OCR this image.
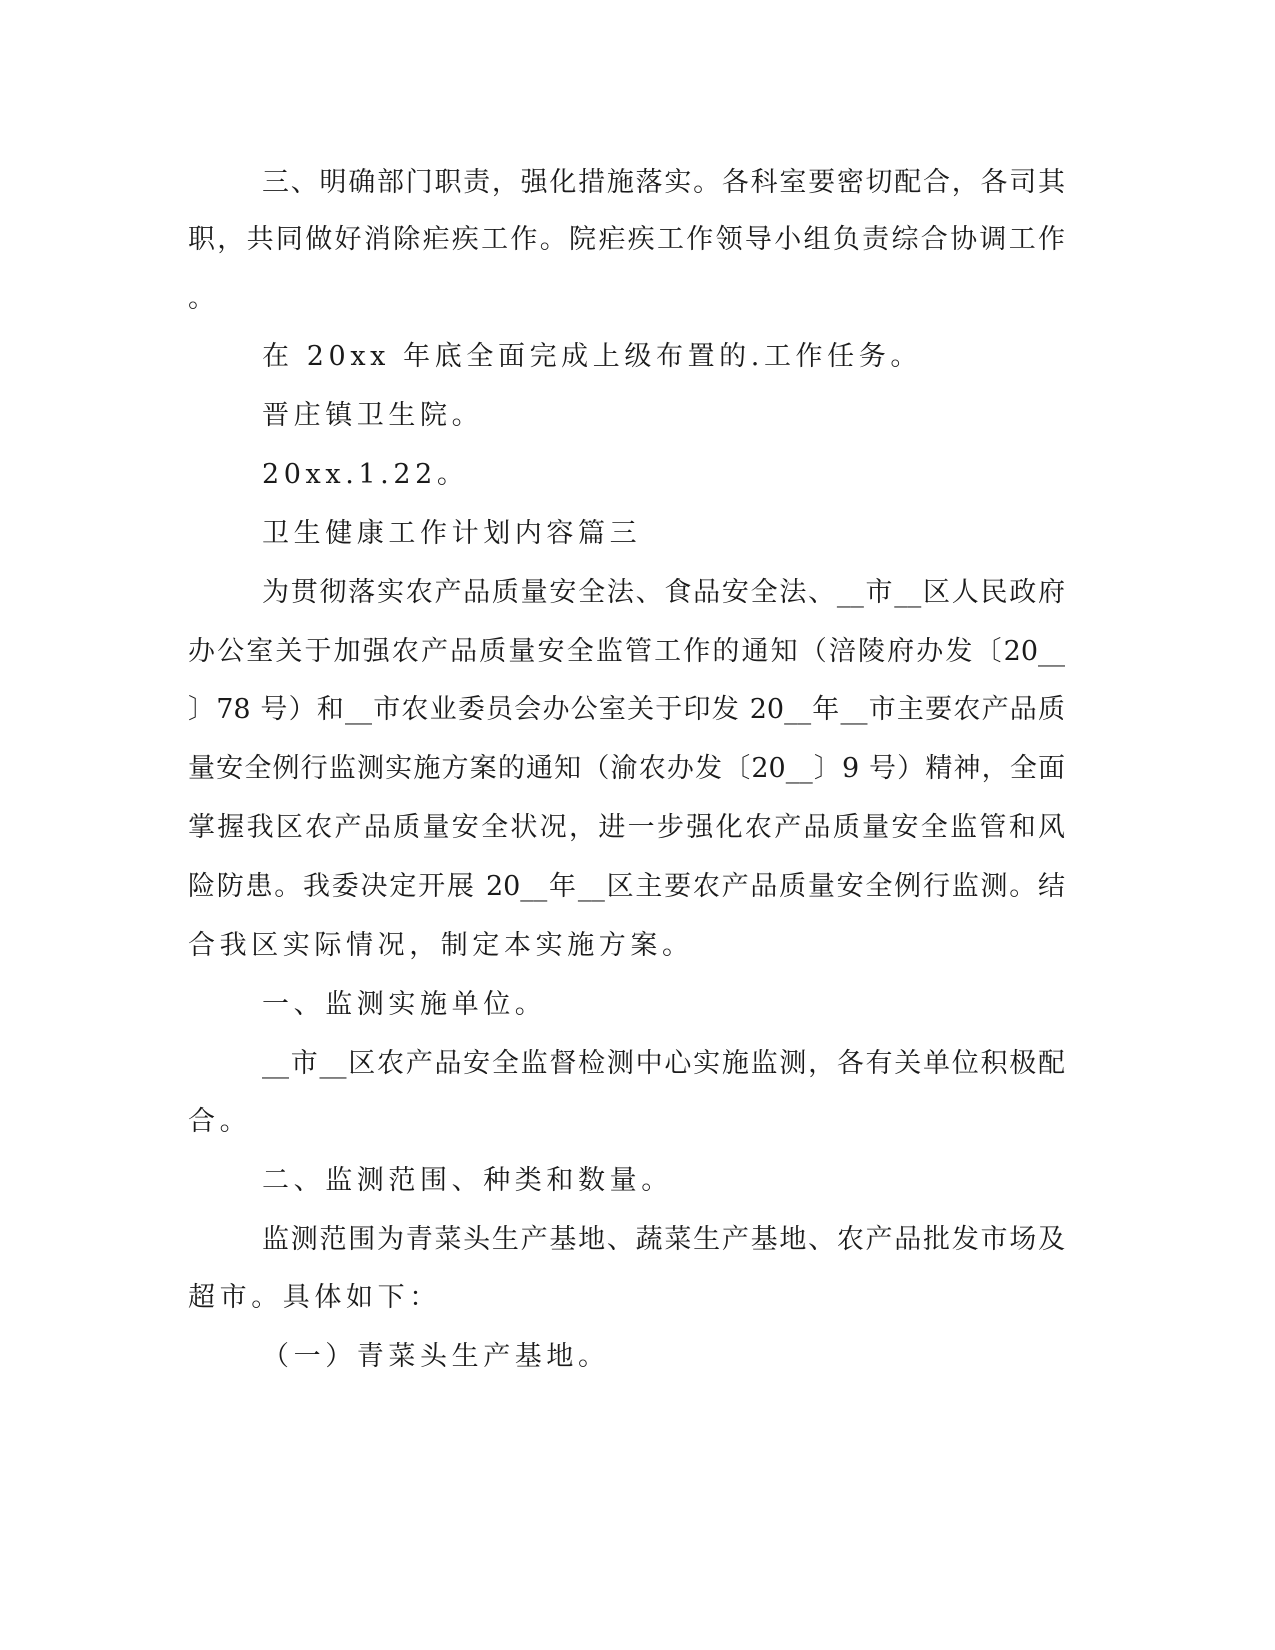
三、明确部门职责，强化措施落实。各科室要密切配合，各司其
职，共同做好消除疟疾工作。院疟疾工作领导小组负责综合协调工作
。
在 20xx 年底全面完成上级布置的.工作任务。
晋庄镇卫生院。
20xx.1.22。
卫生健康工作计划内容篇三
为贯彻落实农产品质量安全法、食品安全法、__市__区人民政府
办公室关于加强农产品质量安全监管工作的通知（涪陵府办发〔20__
〕78 号）和__市农业委员会办公室关于印发 20__年__市主要农产品质
量安全例行监测实施方案的通知（渝农办发〔20__〕9 号）精神，全面
掌握我区农产品质量安全状况，进一步强化农产品质量安全监管和风
险防患。我委决定开展 20__年__区主要农产品质量安全例行监测。结
合我区实际情况，制定本实施方案。
一、监测实施单位。
__市__区农产品安全监督检测中心实施监测，各有关单位积极配
合。
二、监测范围、种类和数量。
监测范围为青菜头生产基地、蔬菜生产基地、农产品批发市场及
超市。具体如下：
（一）青菜头生产基地。
